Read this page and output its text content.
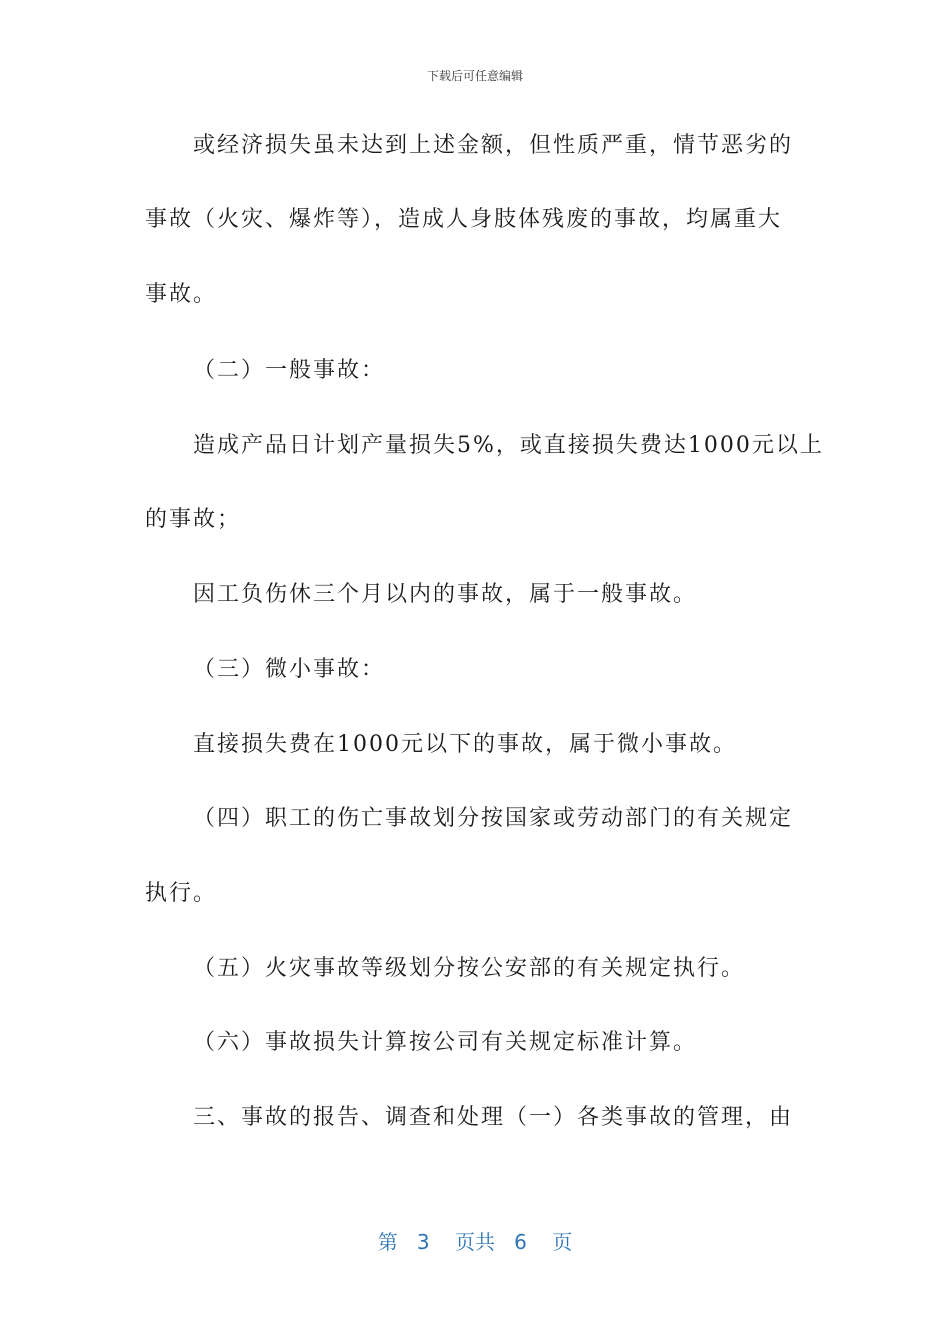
下载后可任意编辑
或经济损失虽未达到上述金额，但性质严重，情节恶劣的
事故（火灾、爆炸等），造成人身肢体残废的事故，均属重大
事故。
（二）一般事故：
造成产品日计划产量损失5%，或直接损失费达1000元以上
的事故；
因工负伤休三个月以内的事故，属于一般事故。
（三）微小事故：
直接损失费在1000元以下的事故，属于微小事故。
（四）职工的伤亡事故划分按国家或劳动部门的有关规定
执行。
（五）火灾事故等级划分按公安部的有关规定执行。
（六）事故损失计算按公司有关规定标准计算。
三、事故的报告、调查和处理（一）各类事故的管理，由
第 3 页共 6 页
